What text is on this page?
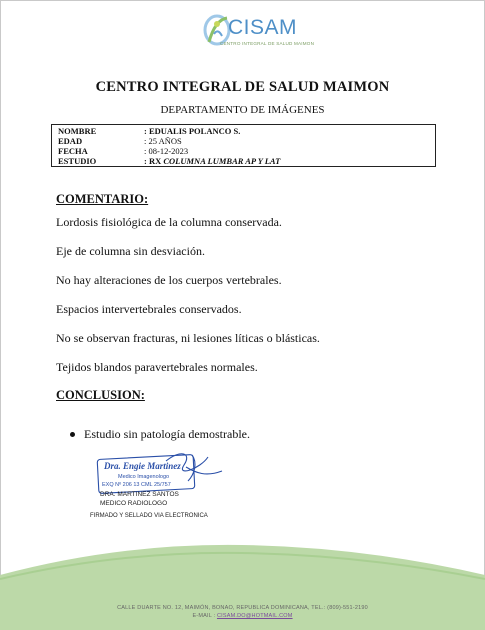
CISAM
CENTRO INTEGRAL DE SALUD MAIMON
CENTRO INTEGRAL DE SALUD MAIMON
DEPARTAMENTO DE IMÁGENES
NOMBRE	: EDUALIS POLANCO S.
EDAD	: 25 AÑOS
FECHA	: 08-12-2023
ESTUDIO	: RX COLUMNA LUMBAR AP Y LAT
COMENTARIO:
Lordosis fisiológica de la columna conservada.
Eje de columna sin desviación.
No hay alteraciones de los cuerpos vertebrales.
Espacios intervertebrales conservados.
No se observan fracturas, ni lesiones líticas o blásticas.
Tejidos blandos paravertebrales normales.
CONCLUSION:
Estudio sin patología demostrable.
Dra. Engie Martinez
Medico Imagenologo
EXQ Nº 206 13 CML 25/757
DRA. MARTINEZ SANTOS
MEDICO RADIOLOGO
FIRMADO Y SELLADO VIA ELECTRONICA
CALLE DUARTE NO. 12, MAIMÓN, BONAO, REPUBLICA DOMINICANA, TEL.: (809)-551-2190
E-MAIL : CISAM.DO@HOTMAIL.COM
